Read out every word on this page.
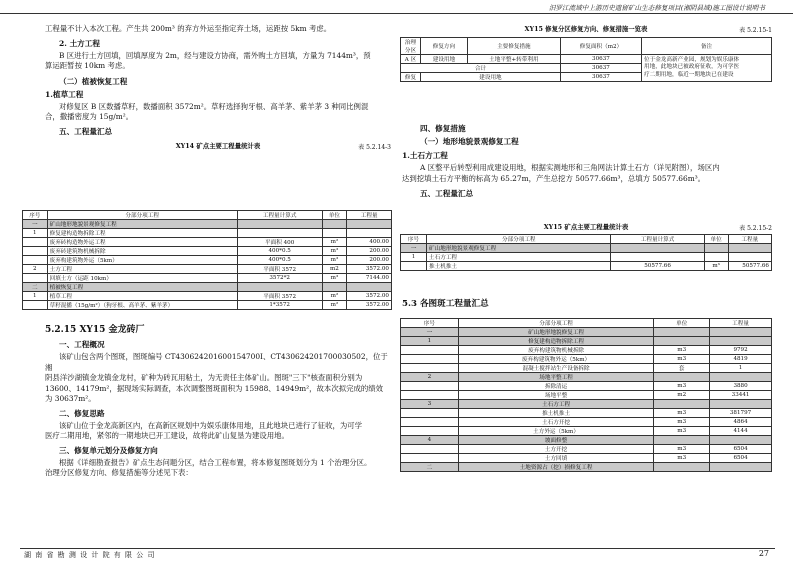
汨罗江流域中上游历史遗留矿山生态修复项目(湘阴县域)施工图设计说明书
工程量不计入本次工程。产生共 200m³ 的弃方外运至指定弃土场，运距按 5km 考虑。
2. 土方工程
B 区进行土方回填，回填厚度为 2m，经与建设方协商，需外购土方回填，方量为 7144m³，预
算运距暂按 10km 考虑。
（二）植被恢复工程
1.植草工程
对修复区 B 区数播草籽，数播面积 3572m²。草籽选择狗牙根、高羊茅、紫羊茅 3 种同比例混
合，撒播密度为 15g/m²。
五、工程量汇总
XY14 矿点主要工程量统计表	表 5.2.14-3
序号	分部分项工程	工程量计算式	单位	工程量
一	矿山地形地貌景观修复工程			
1	修复建构造物拆除工程			
	废弃砖构造物外运工程	平面积 400	m²	400.00
	废弃砖建筑物机械拆除	400*0.5	m³	200.00
	废弃构建筑物外运（5km）	400*0.5	m³	200.00
2	土方工程	平面积 3572	m2	3572.00
	回填土方（运距 10km）	3572*2	m³	7144.00
二	植被恢复工程			
1	植草工程	平面积 3572	m²	3572.00
	草籽混播（15g/m²）（狗牙根、高羊茅、紫羊茅）	1*3572	m²	3572.00
5.2.15 XY15 金龙砖厂
一、工程概况
该矿山包含两个图斑，图斑编号 CT430624201600154700I、CT430624201700030502，位于湘
阴县洋沙湖镇金龙镇金龙村，矿种为砖瓦用粘土，为无责任主体矿山。图斑"三下"核查面积分别为
13600、14179m²，据现场实际调查，本次调整图斑面积为 15988、14949m²，故本次拟完成的绩效
为 30637m²。
二、修复思路
该矿山位于金龙高新区内，在高新区规划中为娱乐康体用地，且此地块已进行了征收，为可学
医疗二期用地，紧邻的一期地块已开工建设，故将此矿山复垦为建设用地。
三、修复单元划分及修复方向
根据《详细勘查报告》矿点生态问题分区，结合工程布置，将本修复图斑划分为 1 个治理分区。
治理分区修复方向、修复措施等分述见下表：
XY15 修复分区修复方向、修复措施一览表	表 5.2.15-1
治理分区	修复方向	主要修复措施	修复面积（m2）	备注
A 区	建设用地	土地平整+转带利用	30637	位于金龙高新产业园，规划为娱乐康体
用地，此地块已被政府征收，为可学医
疗二期用地，临近一期地块已在建设

合计			30637	
修复	建设用地		30637	
四、修复措施
（一）地形地貌景观修复工程
1.土石方工程
A 区整平后转型利用成建设用地，根据实测地形和三角网法计算土石方（详见附图），场区内
达到挖填土石方平衡的标高为 65.27m，产生总挖方 50577.66m³，总填方 50577.66m³。
五、工程量汇总
XY15 矿点主要工程量统计表	表 5.2.15-2
序号	分部分项工程	工程量计算式	单位	工程量
一	矿山地形地貌景观修复工程			
1	土石方工程			
	推土机推土	50577.66	m³	50577.66
5.3 各图斑工程量汇总
序号	分部分项工程	单位	工程量
一	矿山地形地貌修复工程		
1	修复建构造物拆除工程		
	废弃构建筑物机械拆除	m3	9792
	废弃构建筑物外运（5km）	m3	4819
	混凝土搅拌站生产设备拆除	套	1
2	场地平整工程		
	拆除清运	m3	3880
	场地平整	m2	33441
3	土石方工程		
	推土机推土	m3	381797
	土石方开挖	m3	4864
	土方外运（5km）	m3	4144
4	坡面修整		
	土方开挖	m3	6504
	土方回填	m3	6504
二	土地资源占（挖）损修复工程		
湖 南 省 勘 测 设 计 院 有 限 公 司	27
